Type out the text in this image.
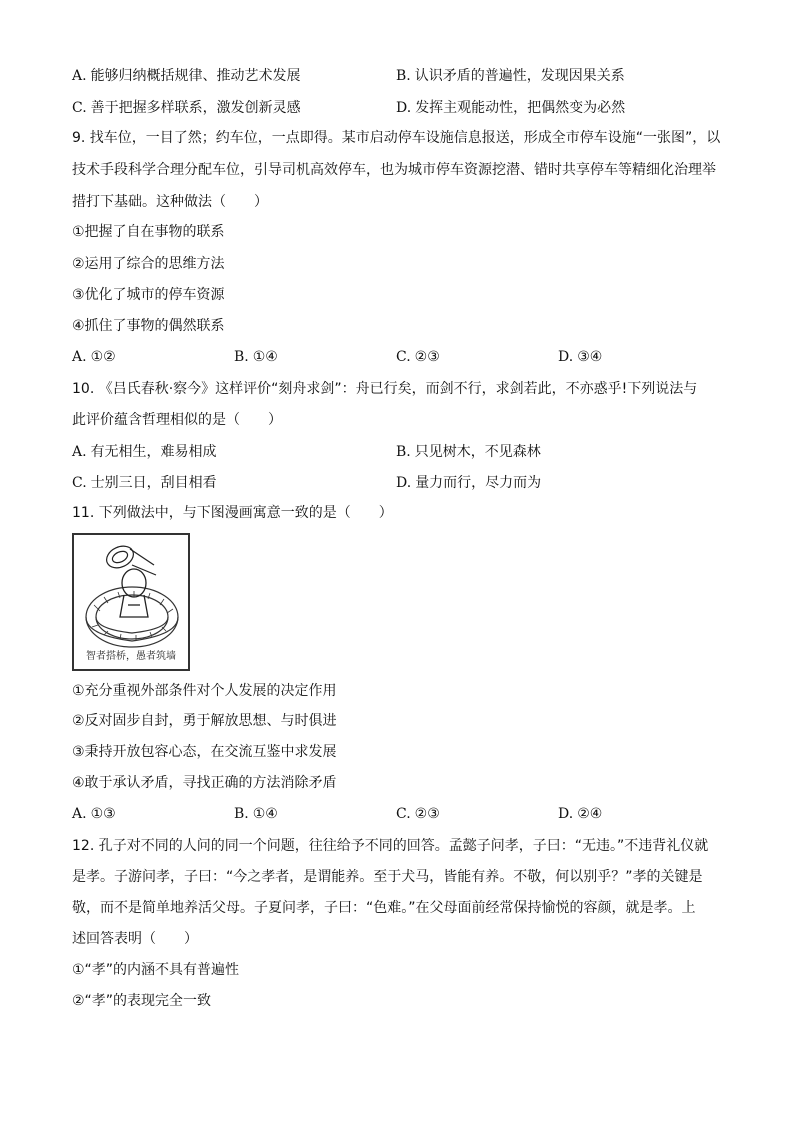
A. 能够归纳概括规律、推动艺术发展	B. 认识矛盾的普遍性，发现因果关系
C. 善于把握多样联系，激发创新灵感	D. 发挥主观能动性，把偶然变为必然
9. 找车位，一目了然；约车位，一点即得。某市启动停车设施信息报送，形成全市停车设施“一张图”，以
技术手段科学合理分配车位，引导司机高效停车，也为城市停车资源挖潜、错时共享停车等精细化治理举
措打下基础。这种做法（　　）
①把握了自在事物的联系
②运用了综合的思维方法
③优化了城市的停车资源
④抓住了事物的偶然联系
A. ①②	B. ①④	C. ②③	D. ③④
10. 《吕氏春秋·察今》这样评价“刻舟求剑”：舟已行矣，而剑不行，求剑若此，不亦惑乎!下列说法与
此评价蕴含哲理相似的是（　　）
A. 有无相生，难易相成	B. 只见树木，不见森林
C. 士别三日，刮目相看	D. 量力而行，尽力而为
11. 下列做法中，与下图漫画寓意一致的是（　　）
智者搭桥，愚者筑墙
①充分重视外部条件对个人发展的决定作用
②反对固步自封，勇于解放思想、与时俱进
③秉持开放包容心态，在交流互鉴中求发展
④敢于承认矛盾，寻找正确的方法消除矛盾
A. ①③	B. ①④	C. ②③	D. ②④
12. 孔子对不同的人问的同一个问题，往往给予不同的回答。孟懿子问孝，子曰：“无违。”不违背礼仪就
是孝。子游问孝，子曰：“今之孝者，是谓能养。至于犬马，皆能有养。不敬，何以别乎？”孝的关键是
敬，而不是简单地养活父母。子夏问孝，子曰：“色难。”在父母面前经常保持愉悦的容颜，就是孝。上
述回答表明（　　）
①“孝”的内涵不具有普遍性
②“孝”的表现完全一致
